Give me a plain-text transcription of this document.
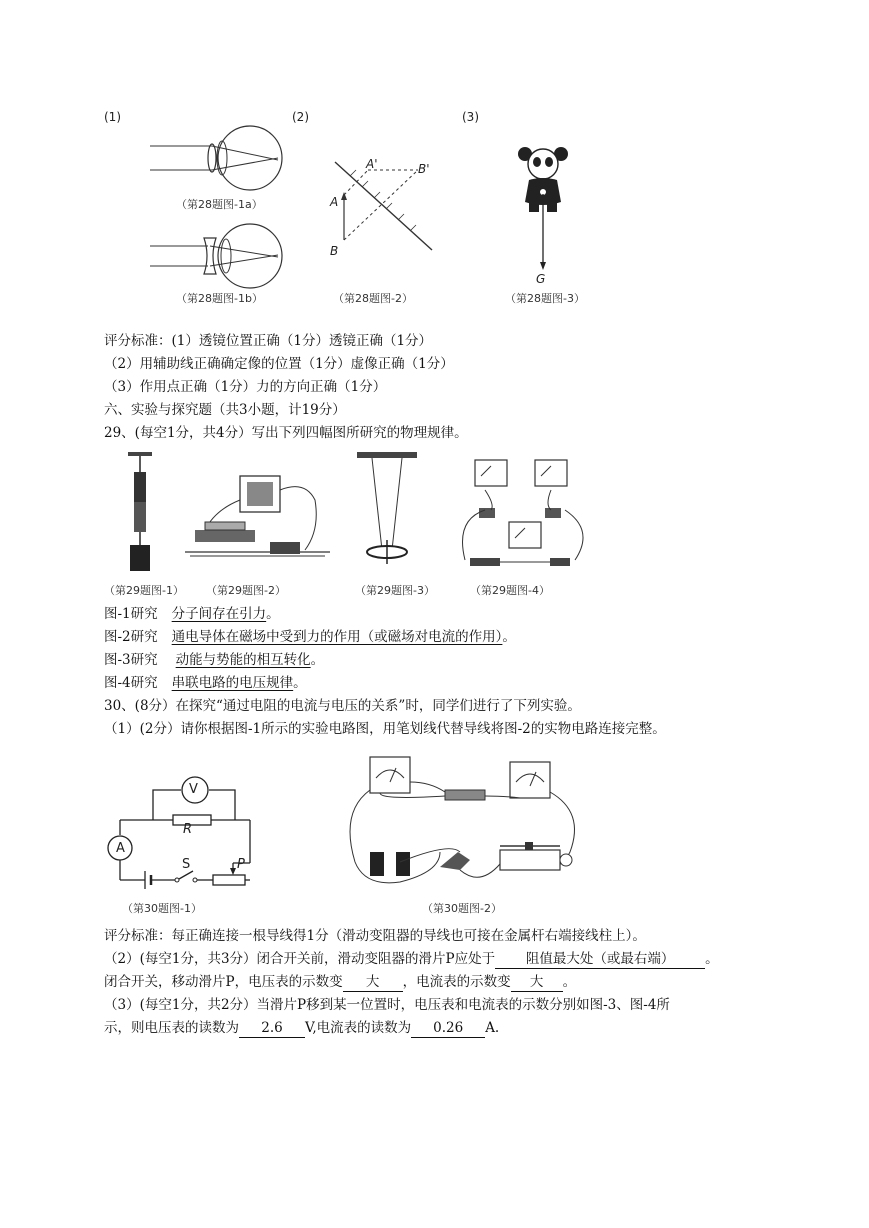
(1)	(2)	(3)
（第28题图-1a）
（第28题图-1b）
A'	B'
A
B
（第28题图-2）
G
（第28题图-3）
评分标准：(1）透镜位置正确（1分）透镜正确（1分）
（2）用辅助线正确确定像的位置（1分）虚像正确（1分）
（3）作用点正确（1分）力的方向正确（1分）
六、实验与探究题（共3小题，计19分）
29、(每空1分，共4分）写出下列四幅图所研究的物理规律。
（第29题图-1） （第29题图-2）	（第29题图-3）	（第29题图-4）
图-1研究 分子间存在引力。
图-2研究 通电导体在磁场中受到力的作用（或磁场对电流的作用）。
图-3研究 动能与势能的相互转化。
图-4研究 串联电路的电压规律。
30、(8分）在探究“通过电阻的电流与电压的关系”时，同学们进行了下列实验。
（1）(2分）请你根据图-1所示的实验电路图，用笔划线代替导线将图-2的实物电路连接完整。
V
A
R
S	P
（第30题图-1）	（第30题图-2）
评分标准：每正确连接一根导线得1分（滑动变阻器的导线也可接在金属杆右端接线柱上）。
（2）(每空1分，共3分）闭合开关前，滑动变阻器的滑片P应处于 阻值最大处（或最右端） 。
闭合开关，移动滑片P，电压表的示数变 大 ，电流表的示数变 大 。
（3）(每空1分，共2分）当滑片P移到某一位置时，电压表和电流表的示数分别如图-3、图-4所
示，则电压表的读数为 2.6 V,电流表的读数为 0.26 A.
